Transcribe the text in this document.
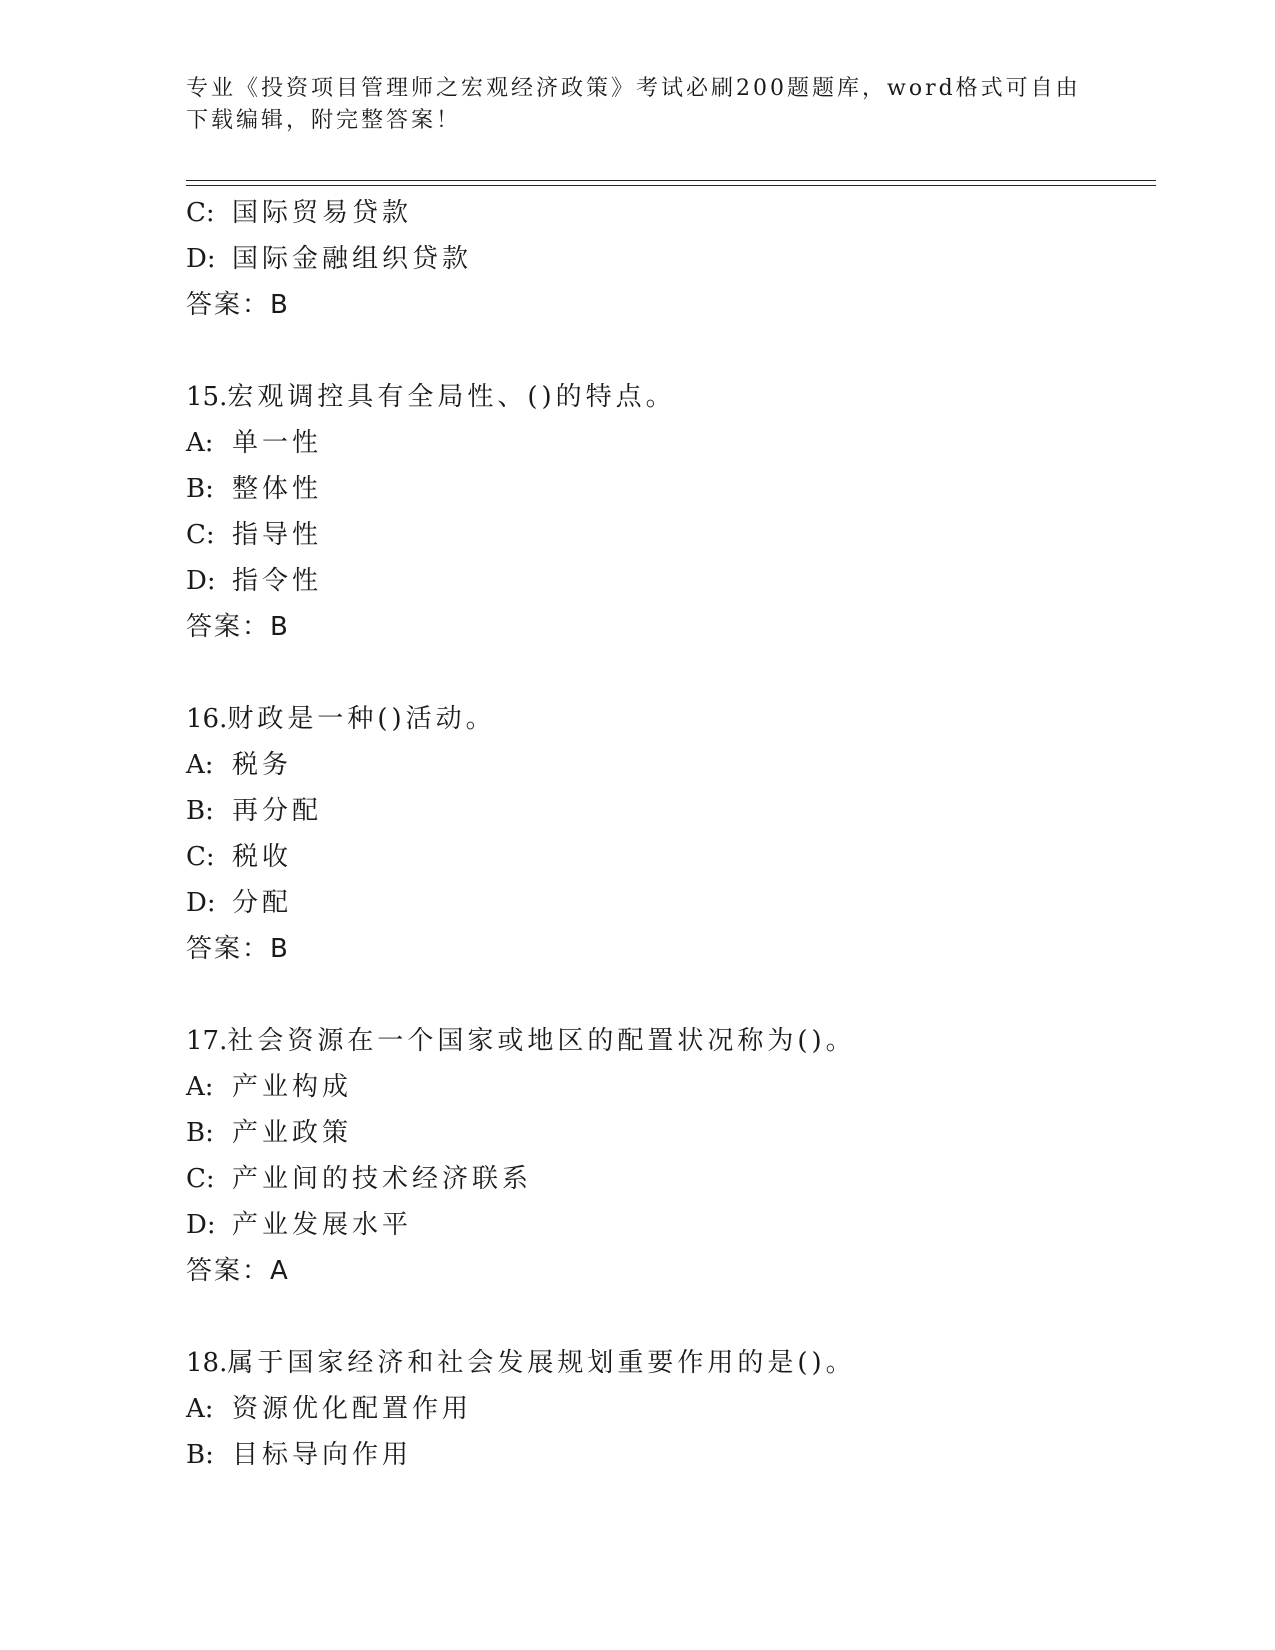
专业《投资项目管理师之宏观经济政策》考试必刷200题题库，word格式可自由
下载编辑，附完整答案！
C: 国际贸易贷款
D: 国际金融组织贷款
答案：B
15.宏观调控具有全局性、()的特点。
A: 单一性
B: 整体性
C: 指导性
D: 指令性
答案：B
16.财政是一种()活动。
A: 税务
B: 再分配
C: 税收
D: 分配
答案：B
17.社会资源在一个国家或地区的配置状况称为()。
A: 产业构成
B: 产业政策
C: 产业间的技术经济联系
D: 产业发展水平
答案：A
18.属于国家经济和社会发展规划重要作用的是()。
A: 资源优化配置作用
B: 目标导向作用
